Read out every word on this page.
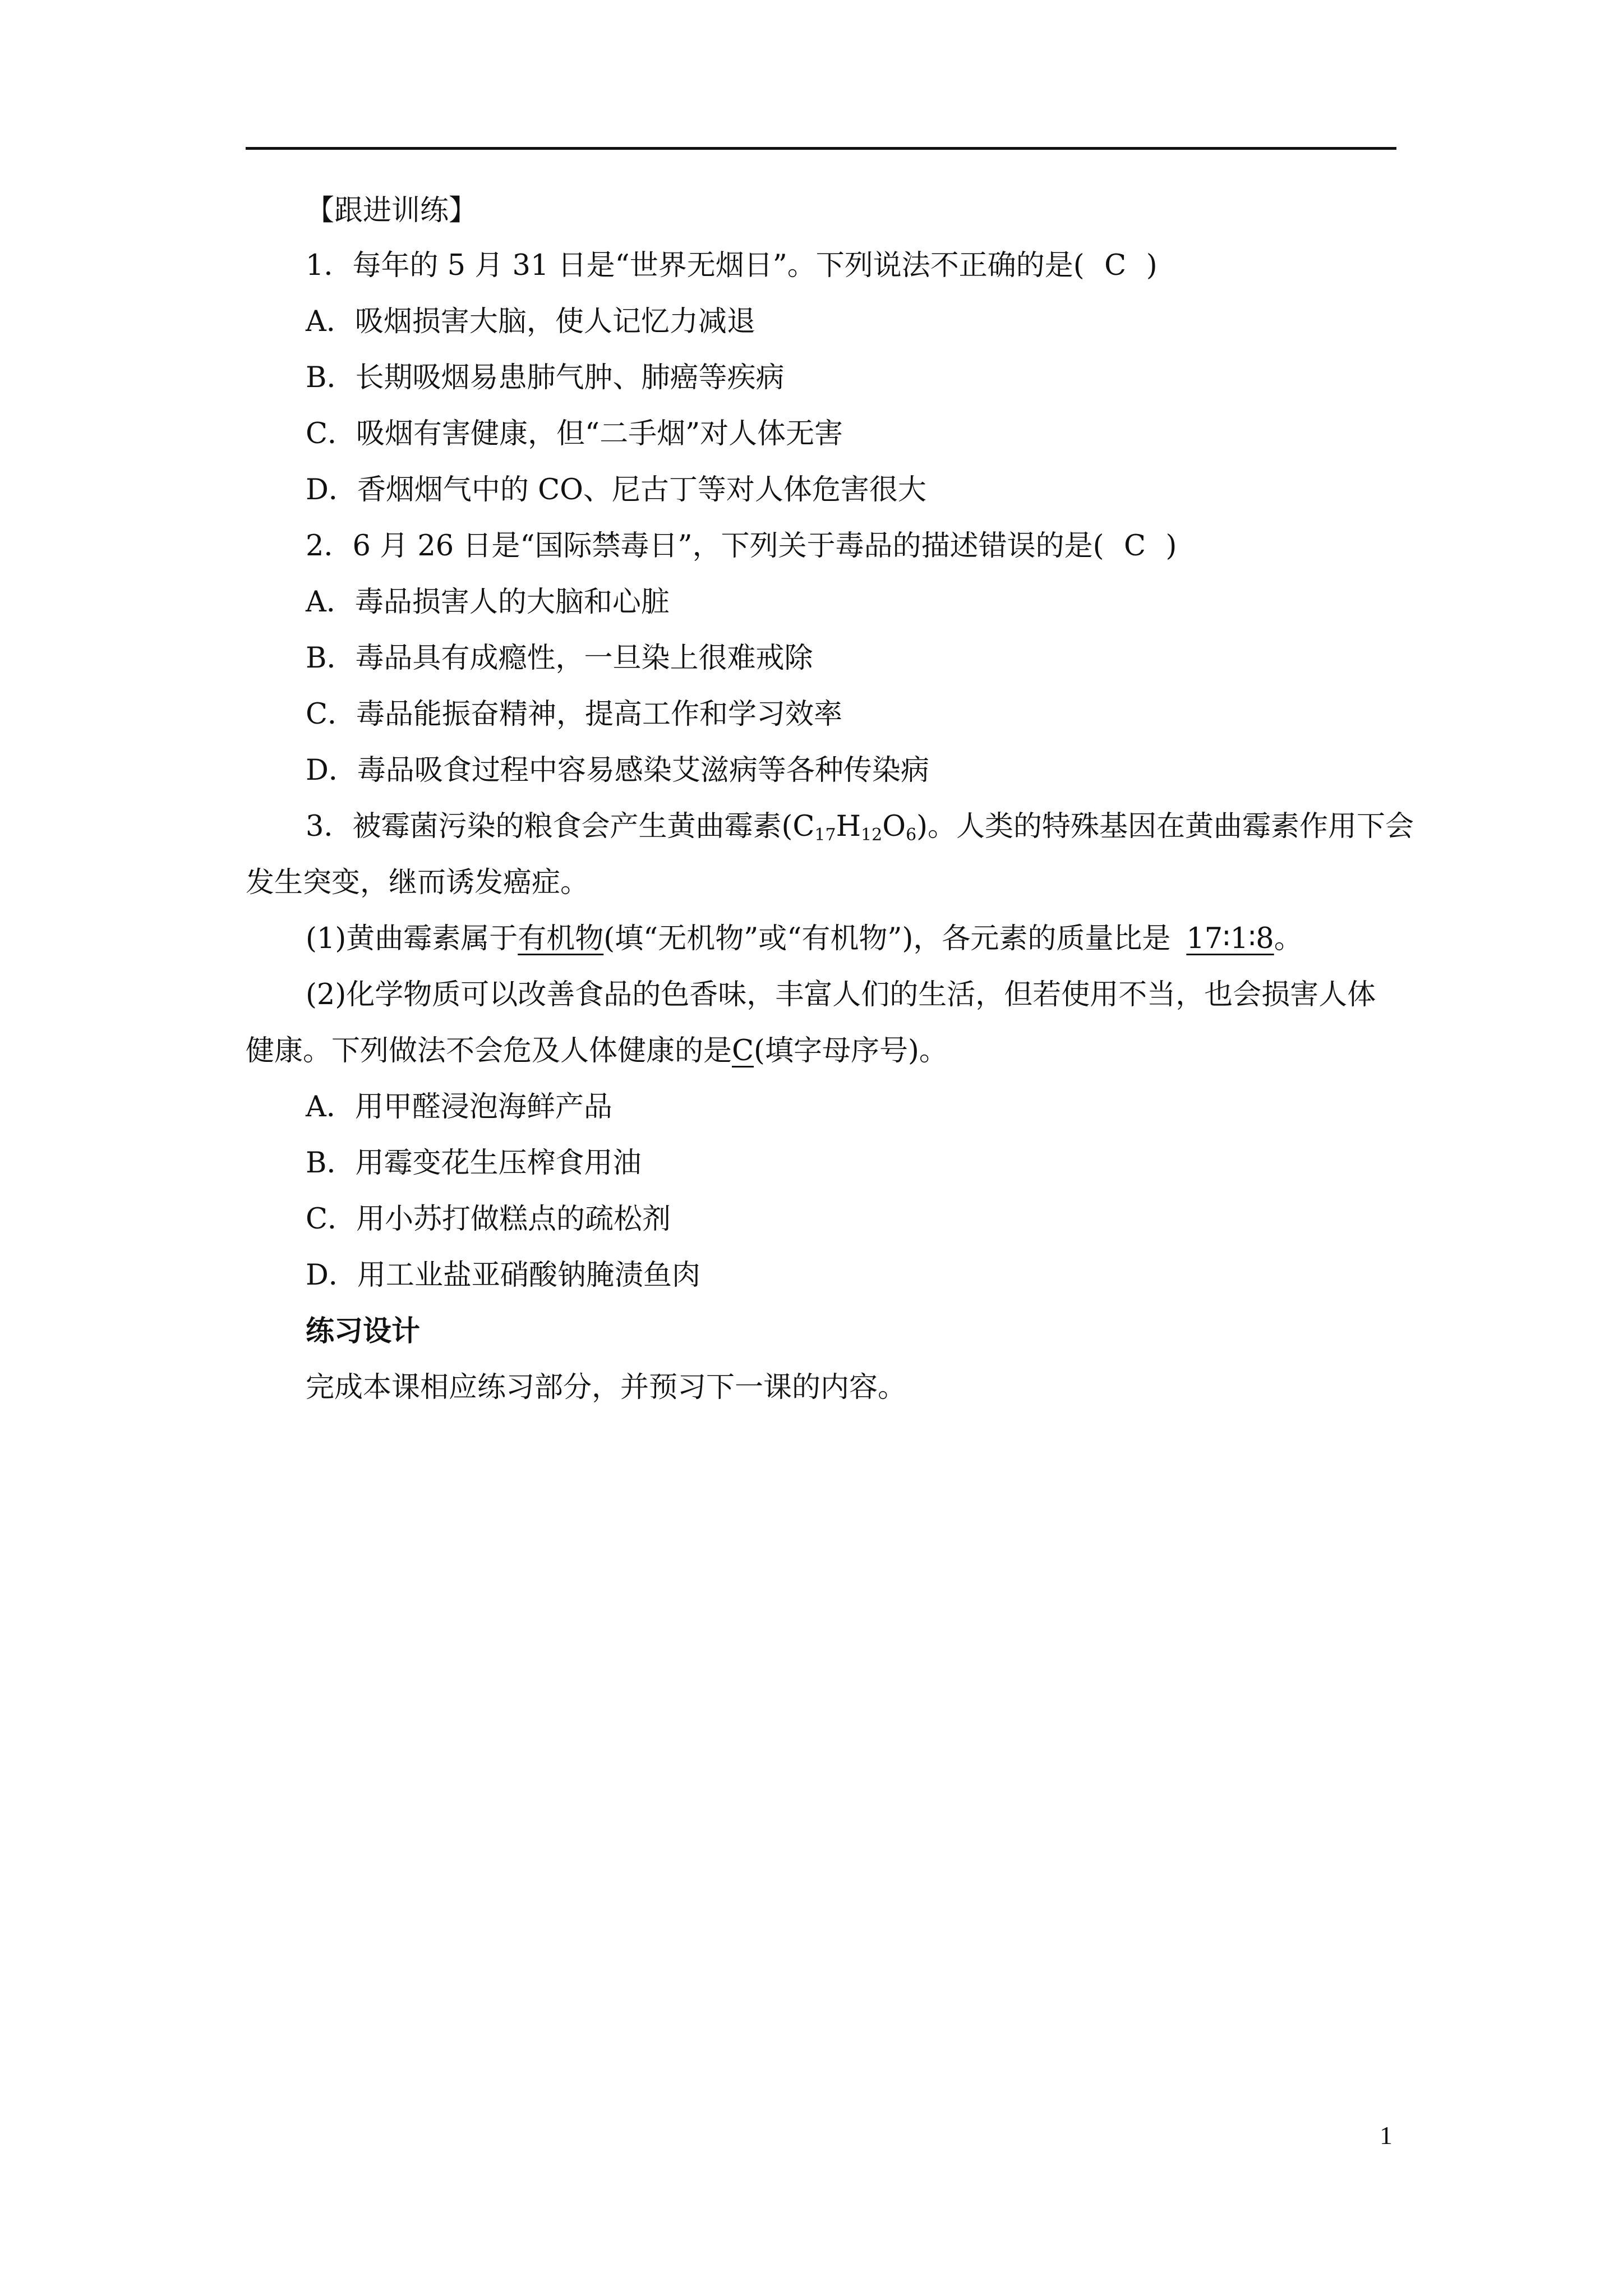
【跟进训练】
1．每年的 5 月 31 日是“世界无烟日”。下列说法不正确的是( C )
A．吸烟损害大脑，使人记忆力减退
B．长期吸烟易患肺气肿、肺癌等疾病
C．吸烟有害健康，但“二手烟”对人体无害
D．香烟烟气中的 CO、尼古丁等对人体危害很大
2．6 月 26 日是“国际禁毒日”，下列关于毒品的描述错误的是( C )
A．毒品损害人的大脑和心脏
B．毒品具有成瘾性，一旦染上很难戒除
C．毒品能振奋精神，提高工作和学习效率
D．毒品吸食过程中容易感染艾滋病等各种传染病
3．被霉菌污染的粮食会产生黄曲霉素$(C_{17}H_{12}O_6)$。人类的特殊基因在黄曲霉素作用下会
发生突变，继而诱发癌症。
(1)黄曲霉素属于有机物(填“无机物”或“有机物”)，各元素的质量比是 17∶1∶8。
(2)化学物质可以改善食品的色香味，丰富人们的生活，但若使用不当，也会损害人体
健康。下列做法不会危及人体健康的是C(填字母序号)。
A．用甲醛浸泡海鲜产品
B．用霉变花生压榨食用油
C．用小苏打做糕点的疏松剂
D．用工业盐亚硝酸钠腌渍鱼肉
练习设计
完成本课相应练习部分，并预习下一课的内容。
1
